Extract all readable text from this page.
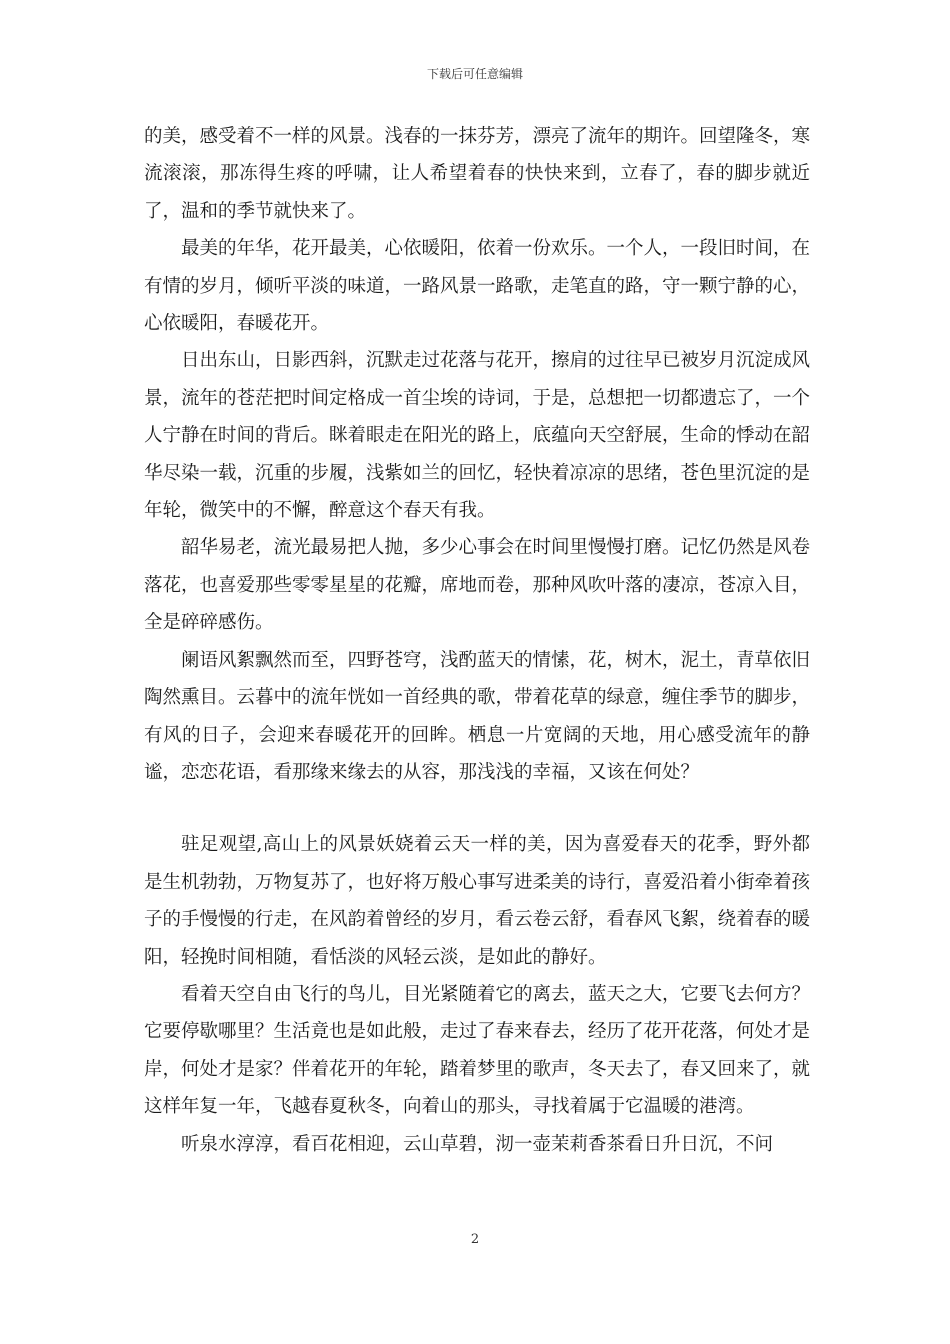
下载后可任意编辑

的美，感受着不一样的风景。浅春的一抹芬芳，漂亮了流年的期许。回望隆冬，寒流滚滚，那冻得生疼的呼啸，让人希望着春的快快来到，立春了，春的脚步就近了，温和的季节就快来了。

最美的年华，花开最美，心依暖阳，依着一份欢乐。一个人，一段旧时间，在有情的岁月，倾听平淡的味道，一路风景一路歌，走笔直的路，守一颗宁静的心，心依暖阳，春暖花开。

日出东山，日影西斜，沉默走过花落与花开，擦肩的过往早已被岁月沉淀成风景，流年的苍茫把时间定格成一首尘埃的诗词，于是，总想把一切都遗忘了，一个人宁静在时间的背后。眯着眼走在阳光的路上，底蕴向天空舒展，生命的悸动在韶华尽染一载，沉重的步履，浅紫如兰的回忆，轻快着凉凉的思绪，苍色里沉淀的是年轮，微笑中的不懈，醉意这个春天有我。

韶华易老，流光最易把人抛，多少心事会在时间里慢慢打磨。记忆仍然是风卷落花，也喜爱那些零零星星的花瓣，席地而卷，那种风吹叶落的凄凉，苍凉入目，全是碎碎感伤。

阑语风絮飘然而至，四野苍穹，浅酌蓝天的情愫，花，树木，泥土，青草依旧陶然熏目。云暮中的流年恍如一首经典的歌，带着花草的绿意，缠住季节的脚步，有风的日子，会迎来春暖花开的回眸。栖息一片宽阔的天地，用心感受流年的静谧，恋恋花语，看那缘来缘去的从容，那浅浅的幸福，又该在何处？

驻足观望,高山上的风景妖娆着云天一样的美，因为喜爱春天的花季，野外都是生机勃勃，万物复苏了，也好将万般心事写进柔美的诗行，喜爱沿着小街牵着孩子的手慢慢的行走，在风韵着曾经的岁月，看云卷云舒，看春风飞絮，绕着春的暖阳，轻挽时间相随，看恬淡的风轻云淡，是如此的静好。

看着天空自由飞行的鸟儿，目光紧随着它的离去，蓝天之大，它要飞去何方？它要停歇哪里？生活竟也是如此般，走过了春来春去，经历了花开花落，何处才是岸，何处才是家？伴着花开的年轮，踏着梦里的歌声，冬天去了，春又回来了，就这样年复一年，飞越春夏秋冬，向着山的那头，寻找着属于它温暖的港湾。

听泉水淳淳，看百花相迎，云山草碧，沏一壶茉莉香茶看日升日沉，不问

2
